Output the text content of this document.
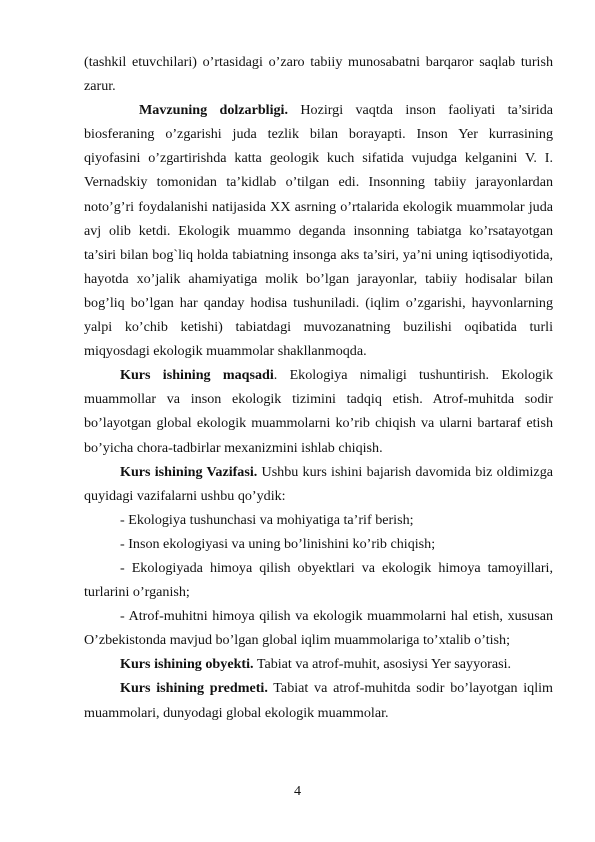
(tashkil etuvchilari) o’rtasidagi o’zaro tabiiy munosabatni barqaror saqlab turish zarur.

Mavzuning dolzarbligi. Hozirgi vaqtda inson faoliyati ta’sirida biosferaning o’zgarishi juda tezlik bilan borayapti. Inson Yer kurrasining qiyofasini o’zgartirishda katta geologik kuch sifatida vujudga kelganini V. I. Vernadskiy tomonidan ta’kidlab o’tilgan edi. Insonning tabiiy jarayonlardan noto’g’ri foydalanishi natijasida XX asrning o’rtalarida ekologik muammolar juda avj olib ketdi. Ekologik muammo deganda insonning tabiatga ko’rsatayotgan ta’siri bilan bog`liq holda tabiatning insonga aks ta’siri, ya’ni uning iqtisodiyotida, hayotda xo’jalik ahamiyatiga molik bo’lgan jarayonlar, tabiiy hodisalar bilan bog’liq bo’lgan har qanday hodisa tushuniladi. (iqlim o’zgarishi, hayvonlarning yalpi ko’chib ketishi) tabiatdagi muvozanatning buzilishi oqibatida turli miqyosdagi ekologik muammolar shakllanmoqda.

Kurs ishining maqsadi. Ekologiya nimaligi tushuntirish. Ekologik muammollar va inson ekologik tizimini tadqiq etish. Atrof-muhitda sodir bo’layotgan global ekologik muammolarni ko’rib chiqish va ularni bartaraf etish bo’yicha chora-tadbirlar mexanizmini ishlab chiqish.

Kurs ishining Vazifasi. Ushbu kurs ishini bajarish davomida biz oldimizga quyidagi vazifalarni ushbu qo’ydik:

- Ekologiya tushunchasi va mohiyatiga ta’rif berish;

- Inson ekologiyasi va uning bo’linishini ko’rib chiqish;

- Ekologiyada himoya qilish obyektlari va ekologik himoya tamoyillari, turlarini o’rganish;

- Atrof-muhitni himoya qilish va ekologik muammolarni hal etish, xususan O’zbekistonda mavjud bo’lgan global iqlim muammolariga to’xtalib o’tish;

Kurs ishining obyekti. Tabiat va atrof-muhit, asosiysi Yer sayyorasi.

Kurs ishining predmeti. Tabiat va atrof-muhitda sodir bo’layotgan iqlim muammolari, dunyodagi global ekologik muammolar.

4
